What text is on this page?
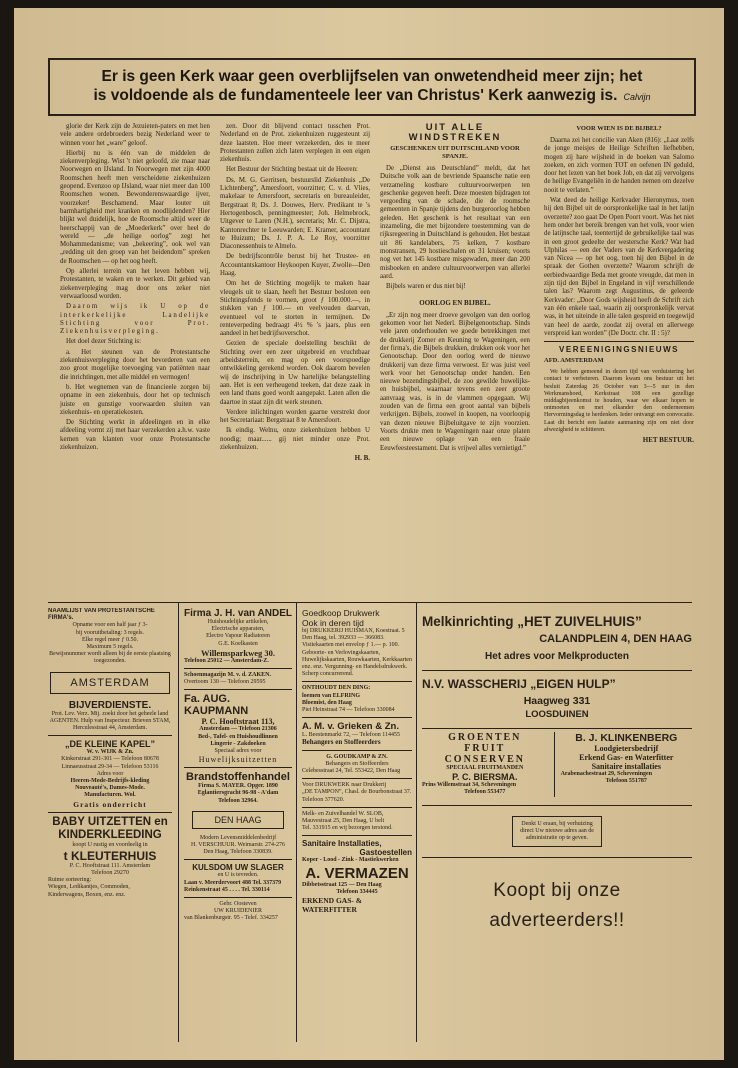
Er is geen Kerk waar geen overblijfselen van onwetendheid meer zijn; het
is voldoende als de fundamenteele leer van Christus' Kerk aanwezig is. Calvijn

glorie der Kerk zijn de Jezuieten-paters en met hen vele andere ordebroeders bezig Nederland weer te winnen voor het „ware” geloof.

Hierbij nu is één van de middelen de ziekenverpleging. Wist 't niet geloofd, zie maar naar Noorwegen en IJsland. In Noorwegen met zijn 4000 Roomschen heeft men verscheidene ziekenhuizen geopend. Evenzoo op IJsland, waar niet meer dan 100 Roomschen wonen. Bewonderenswaardige ijver, voorzeker! Beschamend. Maar louter uit barmhartigheid met kranken en noodlijdenden? Hier blijkt wel duidelijk, hoe de Roomsche altijd weer de heerschappij van de „Moederkerk” over heel de wereld — „de heilige oorlog” zegt het Mohammedanisme; van „bekeering”, ook wel van „redding uit den groep van het heidendom” spreken de Roomschen — op het oog heeft.

Op allerlei terrein van het leven hebben wij, Protestanten, te waken en te werken. Dit gebied van ziekenverpleging mag door ons zeker niet verwaarloosd worden.

Daarom wijs ik U op de interkerkelijke Landelijke Stichting voor Prot. Ziekenhuisverpleging.

Het doel dezer Stichting is:

a. Het steunen van de Protestantsche ziekenhuisverpleging door het bevorderen van een zoo groot mogelijke toevoeging van patiënten naar die inrichtingen, met alle middel en vermogen!

b. Het wegnemen van de financieele zorgen bij opname in een ziekenhuis, door het op technisch juiste en gunstige voorwaarden sluiten van ziekenhuis- en operatiekosten.

De Stichting werkt in afdeelingen en in elke afdeeling vormt zij met haar verzekerden a.h.w. vaste kernen van klanten voor onze Protestantsche ziekenhuizen.

zen. Door dit blijvend contact tusschen Prot. Nederland en de Prot. ziekenhuizen ruggesteunt zij deze laatsten. Hoe meer verzekerden, des te meer Protestanten zullen zich laten verplegen in een eigen ziekenhuis.

Het Bestuur der Stichting bestaat uit de Heeren:

Ds. M. G. Gerritsen, bestuurslid Ziekenhuis „De Lichtenberg”, Amersfoort, voorzitter; C. v. d. Vlies, makelaar te Amersfoort, secretaris en bureauleider, Bergstraat 8; Ds. J. Douwes, Herv. Predikant te 's Hertogenbosch, penningmeester; Joh. Helmebrock, Uitgever te Laren (N.H.), secretaris; Mr. C. Dijstra, Kantonrechter te Leeuwarden; E. Kramer, accountant te Huizum; Ds. J. P. A. Le Roy, voorzitter Diaconessenhuis te Almelo.

De bedrijfscontrôle berust bij het Trustee- en Accountantskantoor Heykoopen Kuyer, Zwolle—Den Haag.

Om het de Stichting mogelijk te maken haar vleugels uit te slaan, heeft het Bestuur besloten een Stichtingsfonds te vormen, groot ƒ 100.000.—, in stukken van ƒ 100.— en veelvouden daarvan, eventueel vol te storten in termijnen. De renteverpeding bedraagt 4½ % 's jaars, plus een aandeel in het bedrijfsoverschot.

Gezien de speciale doelstelling beschikt de Stichting over een zeer uitgebreid en vruchtbaar arbeidsterrein, en mag op een voorspoedige ontwikkeling gerekend worden. Ook daarom bevelen wij de inschrijving in Uw hartelijke belangstelling aan. Het is een verheugend teeken, dat deze zaak in een land thans goed wordt aangepakt. Laten allen die daartoe in staat zijn dit werk steunen.

Verdere inlichtingen worden gaarne verstrekt door het Secretariaat: Bergstraat 8 te Amersfoort.

Ik eindig. Welnu, onze ziekenhuizen hebben U noodig; maar...... gij niet minder onze Prot. ziekenhuizen.

H. B.
UIT ALLE
WINDSTREKEN
GESCHENKEN UIT DUITSCHLAND VOOR SPANJE.

De „Dienst aus Deutschland” meldt, dat het Duitsche volk aan de bevriende Spaansche natie een verzameling kostbare cultuurvoorwerpen ten geschenke gegeven heeft. Deze moesten bijdragen tot vergoeding van de schade, die de roomsche gemeenten in Spanje tijdens den burgeroorlog hebben geleden. Het geschenk is het resultaat van een inzameling, die met bijzondere toestemming van de rijksregeering in Duitschland is gehouden. Het bestaat uit 86 kandelabers, 75 kelken, 7 kostbare monstransen, 29 hostieschalen en 31 kruisen; voorts nog vet het 145 kostbare misgewaden, meer dan 200 misboeken en andere cultuurvoorwerpen van allerlei aard.

Bijbels waren er dus niet bij!

OORLOG EN BIJBEL.

„Er zijn nog meer droeve gevolgen van den oorlog gekomen voor het Nederl. Bijbelgenootschap. Sinds vele jaren onderhouden we goede betrekkingen met de drukkerij Zomer en Keuning te Wageningen, een der firma's, die Bijbels drukken, drukken ook voor het Genootschap. Door den oorlog werd de nieuwe drukkerij van deze firma verwoest. Er was juist veel werk voor het Genootschap onder handen. Een nieuwe bezendingsbijbel, de zoo gewilde huwelijks- en huisbijbel, waarnaar tevens een zeer groote aanvraag was, is in de vlammen opgegaan. Wij zouden van de firma een groot aantal van bijbels verkrijgen. Bijbels, zoowel in koopen, na voorloopig van dezen nieuwe Bijbeluitgave te zijn voorzien. Voorts drukte men te Wageningen naar onze platen een nieuwe oplage van een fraaie Eeuwfeesteestament. Dat is vrijwel alles vernietigd.”

VOOR WIEN IS DE BIJBEL?

Daarna zei het concilie van Aken (816): „Laat zelfs de jonge meisjes de Heilige Schriften liefhebben, mogen zij hare wijsheid in de boeken van Salomo zoeken, en zich vormen TOT en oefenen IN geduld, door het lezen van het boek Job, en dat zij vervolgens de heilige Evangeliën in de handen nemen om dezelve nooit te verlaten.”

Wat deed de heilige Kerkvader Hieronymus, toen hij den Bijbel uit de oorspronkelijke taal in het latijn overzette? zoo gaat De Open Poort voort. Was het niet hem onder het bereik brengen van het volk, voor wien de latijnsche taal, toentertijd de gebruikelijke taal was in een groot gedeelte der westersche Kerk? Wat had Ulphilas — een der Vaders van de Kerkvergadering van Nicea — op het oog, toen hij den Bijbel in de spraak der Gothen overzette? Waarom schrijft de eerbiedwaardige Beda met groote vreugde, dat men in zijn tijd den Bijbel in Engeland in vijf verschillende talen las? Waarom zegt Augustinus, de geleerde Kerkvader: „Door Gods wijsheid heeft de Schrift zich van één enkele taal, waarin zij oorspronkelijk vervat was, in het uiteinde in alle talen gespreid en toegewijd van heel de aarde, zoodat zij overal en allerwege verspreid kan worden” (De Doctr. chr. II : 5)?

VEREENIGINGSNIEUWS
AFD. AMSTERDAM

We hebben gemeend in dezen tijd van verduistering het contact te verbeteren. Daarom kwam ons bestuur uit het besluit Zaterdag 26 October van 3—5 uur in den Werkmanshoed, Kerkstraat 108 een gezellige middagbijeenkomst te houden, waar we elkaar hopen te ontmoeten en met elkander den onderneemen Hervormingsdag te herdenken. Ieder ontvangt een convocatie. Laat dit bericht een laatste aanmaning zijn om niet door afwezigheid te schitteren.

HET BESTUUR.
NAAMLIJST VAN PROTESTANTSCHE FIRMA's.
Opname voor een half jaar ƒ 3-
bij vooruitbetaling: 3 regels.
Elke regel meer ƒ 0.50.
Maximum 5 regels.
Bewijsnummer wordt alleen bij de eerste plaatsing toegezonden.
AMSTERDAM
BIJVERDIENSTE.
Prot. Lev. Verz. Mij. zoekt door het geheele land AGENTEN. Hulp van Inspecteur. Brieven STAM, Herculesstraat 44, Amsterdam.
„DE KLEINE KAPEL”
W. v. WIJK & Zn.
Kinkerstraat 291-301 — Telefoon 80678
Linnaeusstraat 29-34 — Telefoon 53116
Adres voor
Heeren-Mode-Bedrijfs-kleding
Nouveauté's, Dames-Mode.
Manufacturen. Wol.
Gratis onderricht
BABY UITZETTEN en
KINDERKLEEDING
koopt U rustig en voordeelig in
t KLEUTERHUIS
P. C. Hooftstraat 111. Amsterdam
Telefoon 29270
Ruime sorteering:
Wiegen, Ledikantjes, Commoden,
Kinderwagens, Boxen, enz. enz.
Firma J. H. van ANDEL
Huishoudelijke artikelen,
Electrische apparaten,
Electro Vapour Radiatoren
G.E. Koelkasten
Willemsparkweg 30.
Telefoon 25012 — Amsterdam-Z.
Schoenmagazijn M. v. d. ZAKEN.
Overtoom 130 — Telefoon 29595
Fa. AUG. KAUPMANN
P. C. Hooftstraat 113,
Amsterdam — Telefoon 21306
Bed-, Tafel- en Huishoudlinnen
Lingerie - Zakdoeken
Speciaal adres voor
Huwelijksuitzetten
Brandstoffenhandel
Firma S. MAYER. Opger. 1890
Eglantiersgracht 96-98 - A'dam
Telefoon 32964.
DEN HAAG
Modern Levensmiddelenbedrijf
H. VERSCHUUR. Weimarstr. 274-276
Den Haag, Telefoon 330839.
KULSDOM UW SLAGER
en U is tevreden.
Laan v. Meerdervoort 488 Tel. 337379
Reinkenstraat 45 . . . . Tel. 330114
Gebr. Oosteven
UW KRUIDENIER
van Blankenburgstr. 95 - Telef. 334257
Goedkoop Drukwerk
Ook in deren tijd
bij DRUKKERIJ HUISMAN, Koestraat. 5 Den Haag, tel. 392933 — 366083. Visitekaarten met envelop ƒ 1.— p. 100. Geboorte- en Verlovingskaarten, Huwelijkskaarten, Rouwkaarten, Kerkkaarten enz. enz. Vergunning- en Handelsdrukwerk. Scherp concurrerend.
ONTHOUDT DEN DING:
loemen van ELFRING
Bloemist, den Haag
Piet Heinstraat 74 — Telefoon 330084
A. M. v. Grieken & Zn.
L. Beestenmarkt 72, — Telefoon 114455
Behangers en Stoffeerders
G. GOUDKAMP & ZN.
Behangers en Stoffeerders
Celebesstraat 24, Tel. 553422, Den Haag
Voor DRUKWERK naar Drukkerij
„DE TAMPON”, Chasl. de Bourbonstraat 37. Telefoon 377620.
Melk- en Zuivelhandel W. SLOB,
Mauvestraat 25, Den Haag, U belt
Tel. 331915 en wij bezorgen terstond.
Sanitaire Installaties,
Gastoestellen
Koper - Lood - Zink - Mastiekwerken
A. VERMAZEN
Dibbetsstraat 125 — Den Haag
Telefoon 334445
ERKEND GAS- & WATERFITTER
Melkinrichting „HET ZUIVELHUIS”
CALANDPLEIN 4, DEN HAAG
Het adres voor Melkproducten
N.V. WASSCHERIJ „EIGEN HULP”
Haagweg 331
LOOSDUINEN
GROENTEN
FRUIT
CONSERVEN
SPECIAAL FRUITMANDEN
P. C. BIERSMA.
Prins Willemstraat 34, Scheveningen
Telefoon 553477
B. J. KLINKENBERG
Loodgietersbedrijf
Erkend Gas- en Waterfitter
Sanitaire installaties
Arabenachestraat 29, Scheveningen
Telefoon 551787
Denkt U eraan, bij verhuizing direct Uw nieuwe adres aan de administratie op te geven.
Koopt bij onze
adverteerders!!
